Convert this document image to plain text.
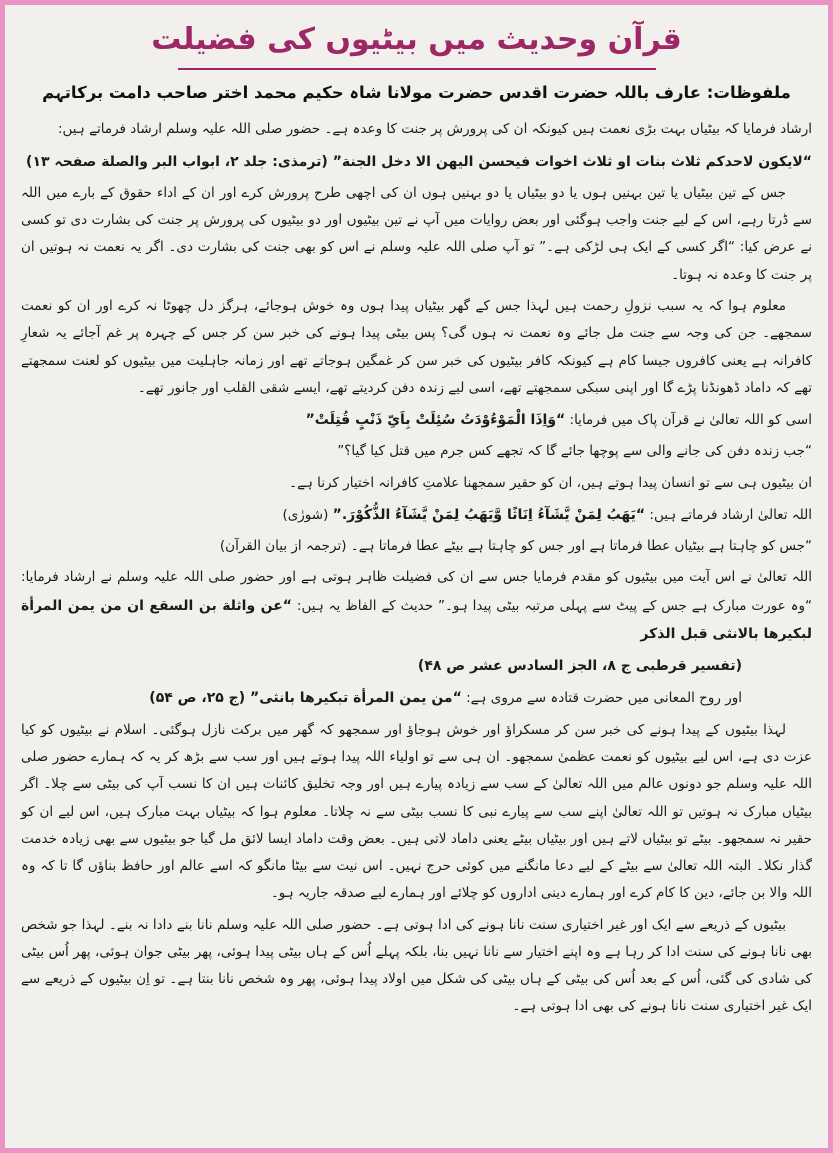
قرآن وحدیث میں بیٹیوں کی فضیلت
ملفوظات: عارف باللہ حضرت اقدس حضرت مولانا شاہ حکیم محمد اختر صاحب دامت برکاتہم

ارشاد فرمایا کہ بیٹیاں بہت بڑی نعمت ہیں کیونکہ ان کی پرورش پر جنت کا وعدہ ہے۔ حضور صلی اللہ علیہ وسلم ارشاد فرماتے ہیں:

“لایکون لاحدکم ثلاث بنات او ثلاث اخوات فیحسن الیهن الا دخل الجنة” (ترمذی: جلد ۲، ابواب البر والصلة صفحہ ۱۳)

جس کے تین بیٹیاں یا تین بہنیں ہوں یا دو بیٹیاں یا دو بہنیں ہوں ان کی اچھی طرح پرورش کرے اور ان کے اداء حقوق کے بارے میں اللہ سے ڈرتا رہے، اس کے لیے جنت واجب ہوگئی اور بعض روایات میں آپ نے تین بیٹیوں اور دو بیٹیوں کی پرورش پر جنت کی بشارت دی تو کسی نے عرض کیا: “اگر کسی کے ایک ہی لڑکی ہے۔” تو آپ صلی اللہ علیہ وسلم نے اس کو بھی جنت کی بشارت دی۔ اگر یہ نعمت نہ ہوتیں ان پر جنت کا وعدہ نہ ہوتا۔

معلوم ہوا کہ یہ سبب نزولِ رحمت ہیں لہذا جس کے گھر بیٹیاں پیدا ہوں وہ خوش ہوجائے، ہرگز دل چھوٹا نہ کرے اور ان کو نعمت سمجھے۔ جن کی وجہ سے جنت مل جائے وہ نعمت نہ ہوں گی؟ پس بیٹی پیدا ہونے کی خبر سن کر جس کے چہرہ پر غم آجائے یہ شعارِ کافرانہ ہے یعنی کافروں جیسا کام ہے کیونکہ کافر بیٹیوں کی خبر سن کر غمگین ہوجاتے تھے اور زمانہ جاہلیت میں بیٹیوں کو لعنت سمجھتے تھے کہ داماد ڈھونڈنا پڑے گا اور اپنی سبکی سمجھتے تھے، اسی لیے زندہ دفن کردیتے تھے، ایسے شقی القلب اور جانور تھے۔

اسی کو اللہ تعالیٰ نے قرآن پاک میں فرمایا: “وَاِذَا الْمَوْءُوْدَتُ سُئِلَتْ بِاَیِّ ذَنْبٍ قُتِلَتْ”

“جب زندہ دفن کی جانے والی سے پوچھا جائے گا کہ تجھے کس جرم میں قتل کیا گیا؟”

ان بیٹیوں ہی سے تو انسان پیدا ہوتے ہیں، ان کو حقیر سمجھنا علامتِ کافرانہ اختیار کرنا ہے۔

اللہ تعالیٰ ارشاد فرماتے ہیں: “یَهَبُ لِمَنْ یَّشَآءُ اِنَاثًا وَّیَهَبُ لِمَنْ یَّشَآءُ الذُّکُوْرَ.” (شورٰی)

“جس کو چاہتا ہے بیٹیاں عطا فرماتا ہے اور جس کو چاہتا ہے بیٹے عطا فرماتا ہے۔ (ترجمہ از بیان القرآن)

اللہ تعالیٰ نے اس آیت میں بیٹیوں کو مقدم فرمایا جس سے ان کی فضیلت ظاہر ہوتی ہے اور حضور صلی اللہ علیہ وسلم نے ارشاد فرمایا: “وہ عورت مبارک ہے جس کے پیٹ سے پہلی مرتبہ بیٹی پیدا ہو۔” حدیث کے الفاظ یہ ہیں: “عن واثلة بن السقع ان من یمن المرأة لبکیرها بالانثی قبل الذکر

(تفسیر قرطبی ج ۸، الجز السادس عشر ص ۴۸)

اور روح المعانی میں حضرت قتادہ سے مروی ہے: “من یمن المرأة تبکیرها بانثی” (ج ۲۵، ص ۵۴)

لہذا بیٹیوں کے پیدا ہونے کی خبر سن کر مسکراؤ اور خوش ہوجاؤ اور سمجھو کہ گھر میں برکت نازل ہوگئی۔ اسلام نے بیٹیوں کو کیا عزت دی ہے، اس لیے بیٹیوں کو نعمت عظمیٰ سمجھو۔ ان ہی سے تو اولیاء اللہ پیدا ہوتے ہیں اور سب سے بڑھ کر یہ کہ ہمارے حضور صلی اللہ علیہ وسلم جو دونوں عالم میں اللہ تعالیٰ کے سب سے زیادہ پیارے ہیں اور وجہ تخلیق کائنات ہیں ان کا نسب آپ کی بیٹی سے چلا۔ اگر بیٹیاں مبارک نہ ہوتیں تو اللہ تعالیٰ اپنے سب سے پیارے نبی کا نسب بیٹی سے نہ چلاتا۔ معلوم ہوا کہ بیٹیاں بہت مبارک ہیں، اس لیے ان کو حقیر نہ سمجھو۔ بیٹے تو بیٹیاں لاتے ہیں اور بیٹیاں بیٹے یعنی داماد لاتی ہیں۔ بعض وقت داماد ایسا لائق مل گیا جو بیٹیوں سے بھی زیادہ خدمت گذار نکلا۔ البتہ اللہ تعالیٰ سے بیٹے کے لیے دعا مانگنے میں کوئی حرج نہیں۔ اس نیت سے بیٹا مانگو کہ اسے عالم اور حافظ بناؤں گا تا کہ وہ اللہ والا بن جائے، دین کا کام کرے اور ہمارے دینی اداروں کو چلائے اور ہمارے لیے صدقہ جاریہ ہو۔

بیٹیوں کے ذریعے سے ایک اور غیر اختیاری سنت نانا ہونے کی ادا ہوتی ہے۔ حضور صلی اللہ علیہ وسلم نانا بنے دادا نہ بنے۔ لہذا جو شخص بھی نانا ہونے کی سنت ادا کر رہا ہے وہ اپنے اختیار سے نانا نہیں بنا، بلکہ پہلے اُس کے ہاں بیٹی پیدا ہوئی، پھر بیٹی جوان ہوئی، پھر اُس بیٹی کی شادی کی گئی، اُس کے بعد اُس کی بیٹی کے ہاں بیٹی کی شکل میں اولاد پیدا ہوئی، پھر وہ شخص نانا بنتا ہے۔ تو اِن بیٹیوں کے ذریعے سے ایک غیر اختیاری سنت نانا ہونے کی بھی ادا ہوتی ہے۔
